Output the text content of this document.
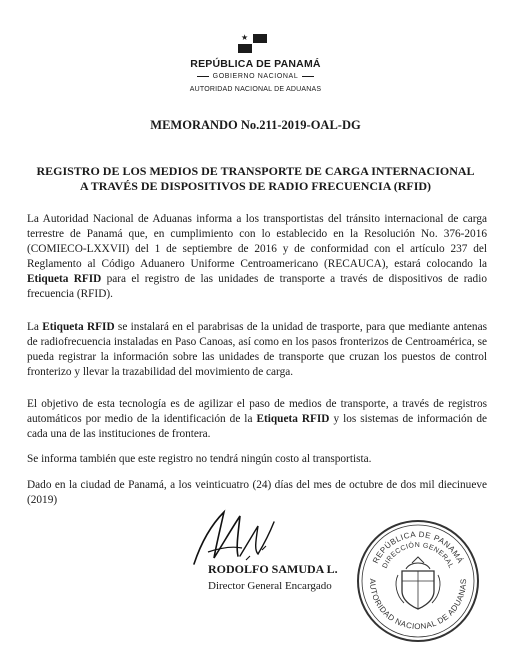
★
★
REPÚBLICA DE PANAMÁ
GOBIERNO NACIONAL
AUTORIDAD NACIONAL DE ADUANAS
MEMORANDO No.211-2019-OAL-DG
REGISTRO DE LOS MEDIOS DE TRANSPORTE DE CARGA INTERNACIONAL
A TRAVÉS DE DISPOSITIVOS DE RADIO FRECUENCIA (RFID)
La Autoridad Nacional de Aduanas informa a los transportistas del tránsito internacional de carga terrestre de Panamá que, en cumplimiento con lo establecido en la Resolución No. 376-2016 (COMIECO-LXXVII) del 1 de septiembre de 2016 y de conformidad con el artículo 237 del Reglamento al Código Aduanero Uniforme Centroamericano (RECAUCA), estará colocando la Etiqueta RFID para el registro de las unidades de transporte a través de dispositivos de radio frecuencia (RFID).
La Etiqueta RFID se instalará en el parabrisas de la unidad de trasporte, para que mediante antenas de radiofrecuencia instaladas en Paso Canoas, así como en los pasos fronterizos de Centroamérica, se pueda registrar la información sobre las unidades de transporte que cruzan los puestos de control fronterizo y llevar la trazabilidad del movimiento de carga.
El objetivo de esta tecnología es de agilizar el paso de medios de transporte, a través de registros automáticos por medio de la identificación de la Etiqueta RFID y los sistemas de información de cada una de las instituciones de frontera.
Se informa también que este registro no tendrá ningún costo al transportista.
Dado en la ciudad de Panamá, a los veinticuatro (24) días del mes de octubre de dos mil diecinueve (2019)
RODOLFO SAMUDA L.
Director General Encargado
REPÚBLICA DE PANAMÁ
DIRECCIÓN GENERAL
AUTORIDAD NACIONAL DE ADUANAS
